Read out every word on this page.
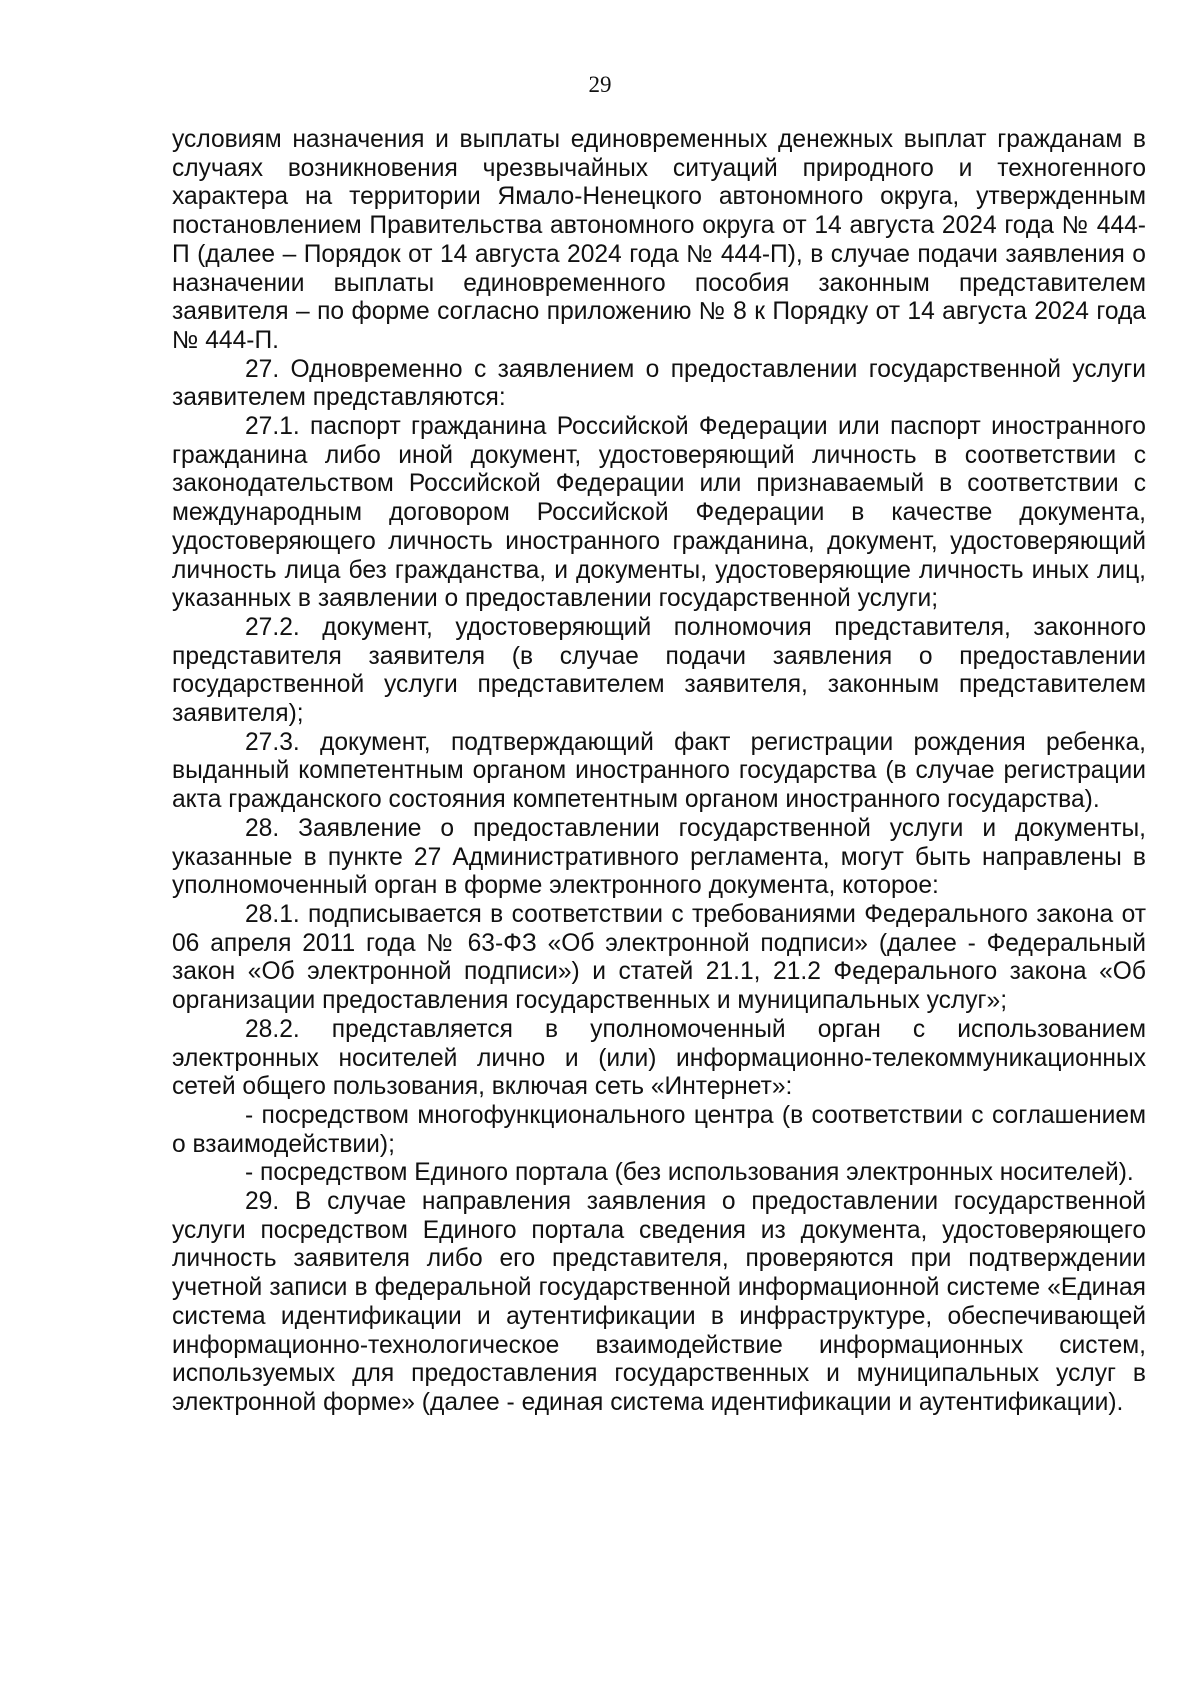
29

условиям назначения и выплаты единовременных денежных выплат гражданам в случаях возникновения чрезвычайных ситуаций природного и техногенного характера на территории Ямало-Ненецкого автономного округа, утвержденным постановлением Правительства автономного округа от 14 августа 2024 года № 444-П (далее – Порядок от 14 августа 2024 года № 444-П), в случае подачи заявления о назначении выплаты единовременного пособия законным представителем заявителя – по форме согласно приложению № 8 к Порядку от 14 августа 2024 года № 444-П.

27. Одновременно с заявлением о предоставлении государственной услуги заявителем представляются:

27.1. паспорт гражданина Российской Федерации или паспорт иностранного гражданина либо иной документ, удостоверяющий личность в соответствии с законодательством Российской Федерации или признаваемый в соответствии с международным договором Российской Федерации в качестве документа, удостоверяющего личность иностранного гражданина, документ, удостоверяющий личность лица без гражданства, и документы, удостоверяющие личность иных лиц, указанных в заявлении о предоставлении государственной услуги;

27.2. документ, удостоверяющий полномочия представителя, законного представителя заявителя (в случае подачи заявления о предоставлении государственной услуги представителем заявителя, законным представителем заявителя);

27.3. документ, подтверждающий факт регистрации рождения ребенка, выданный компетентным органом иностранного государства (в случае регистрации акта гражданского состояния компетентным органом иностранного государства).

28. Заявление о предоставлении государственной услуги и документы, указанные в пункте 27 Административного регламента, могут быть направлены в уполномоченный орган в форме электронного документа, которое:

28.1. подписывается в соответствии с требованиями Федерального закона от 06 апреля 2011 года № 63-ФЗ «Об электронной подписи» (далее - Федеральный закон «Об электронной подписи») и статей 21.1, 21.2 Федерального закона «Об организации предоставления государственных и муниципальных услуг»;

28.2. представляется в уполномоченный орган с использованием электронных носителей лично и (или) информационно-телекоммуникационных сетей общего пользования, включая сеть «Интернет»:

- посредством многофункционального центра (в соответствии с соглашением о взаимодействии);

- посредством Единого портала (без использования электронных носителей).

29. В случае направления заявления о предоставлении государственной услуги посредством Единого портала сведения из документа, удостоверяющего личность заявителя либо его представителя, проверяются при подтверждении учетной записи в федеральной государственной информационной системе «Единая система идентификации и аутентификации в инфраструктуре, обеспечивающей информационно-технологическое взаимодействие информационных систем, используемых для предоставления государственных и муниципальных услуг в электронной форме» (далее - единая система идентификации и аутентификации).
